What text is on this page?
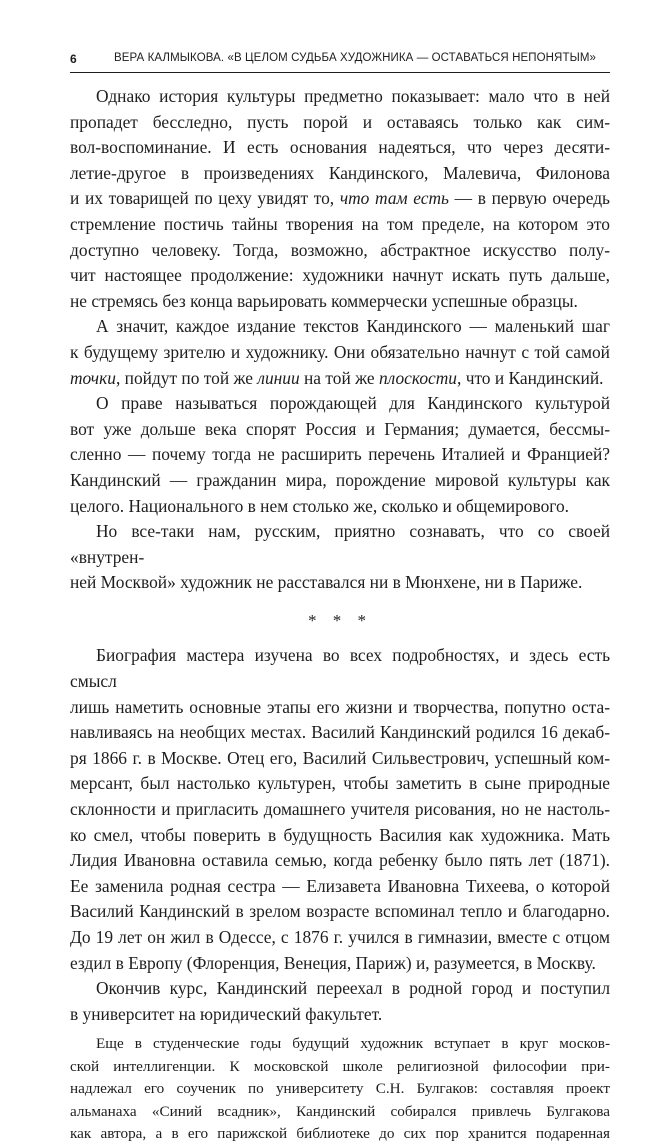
6	ВЕРА КАЛМЫКОВА. «В ЦЕЛОМ СУДЬБА ХУДОЖНИКА — ОСТАВАТЬСЯ НЕПОНЯТЫМ»

Однако история культуры предметно показывает: мало что в ней
пропадет бесследно, пусть порой и оставаясь только как сим-
вол-воспоминание. И есть основания надеяться, что через десяти-
летие-другое в произведениях Кандинского, Малевича, Филонова
и их товарищей по цеху увидят то, что там есть — в первую очередь
стремление постичь тайны творения на том пределе, на котором это
доступно человеку. Тогда, возможно, абстрактное искусство полу-
чит настоящее продолжение: художники начнут искать путь дальше,
не стремясь без конца варьировать коммерчески успешные образцы.

А значит, каждое издание текстов Кандинского — маленький шаг
к будущему зрителю и художнику. Они обязательно начнут с той самой
точки, пойдут по той же линии на той же плоскости, что и Кандинский.

О праве называться порождающей для Кандинского культурой
вот уже дольше века спорят Россия и Германия; думается, бессмы-
сленно — почему тогда не расширить перечень Италией и Францией?
Кандинский — гражданин мира, порождение мировой культуры как
целого. Национального в нем столько же, сколько и общемирового.

Но все-таки нам, русским, приятно сознавать, что со своей «внутрен-
ней Москвой» художник не расставался ни в Мюнхене, ни в Париже.

* * *

Биография мастера изучена во всех подробностях, и здесь есть смысл
лишь наметить основные этапы его жизни и творчества, попутно оста-
навливаясь на необщих местах. Василий Кандинский родился 16 декаб-
ря 1866 г. в Москве. Отец его, Василий Сильвестрович, успешный ком-
мерсант, был настолько культурен, чтобы заметить в сыне природные
склонности и пригласить домашнего учителя рисования, но не настоль-
ко смел, чтобы поверить в будущность Василия как художника. Мать
Лидия Ивановна оставила семью, когда ребенку было пять лет (1871).
Ее заменила родная сестра — Елизавета Ивановна Тихеева, о которой
Василий Кандинский в зрелом возрасте вспоминал тепло и благодарно.
До 19 лет он жил в Одессе, с 1876 г. учился в гимназии, вместе с отцом
ездил в Европу (Флоренция, Венеция, Париж) и, разумеется, в Москву.

Окончив курс, Кандинский переехал в родной город и поступил
в университет на юридический факультет.

Еще в студенческие годы будущий художник вступает в круг москов-
ской интеллигенции. К московской школе религиозной философии при-
надлежал его соученик по университету С.Н. Булгаков: составляя проект
альманаха «Синий всадник», Кандинский собирался привлечь Булгакова
как автора, а в его парижской библиотеке до сих пор хранится подаренная
